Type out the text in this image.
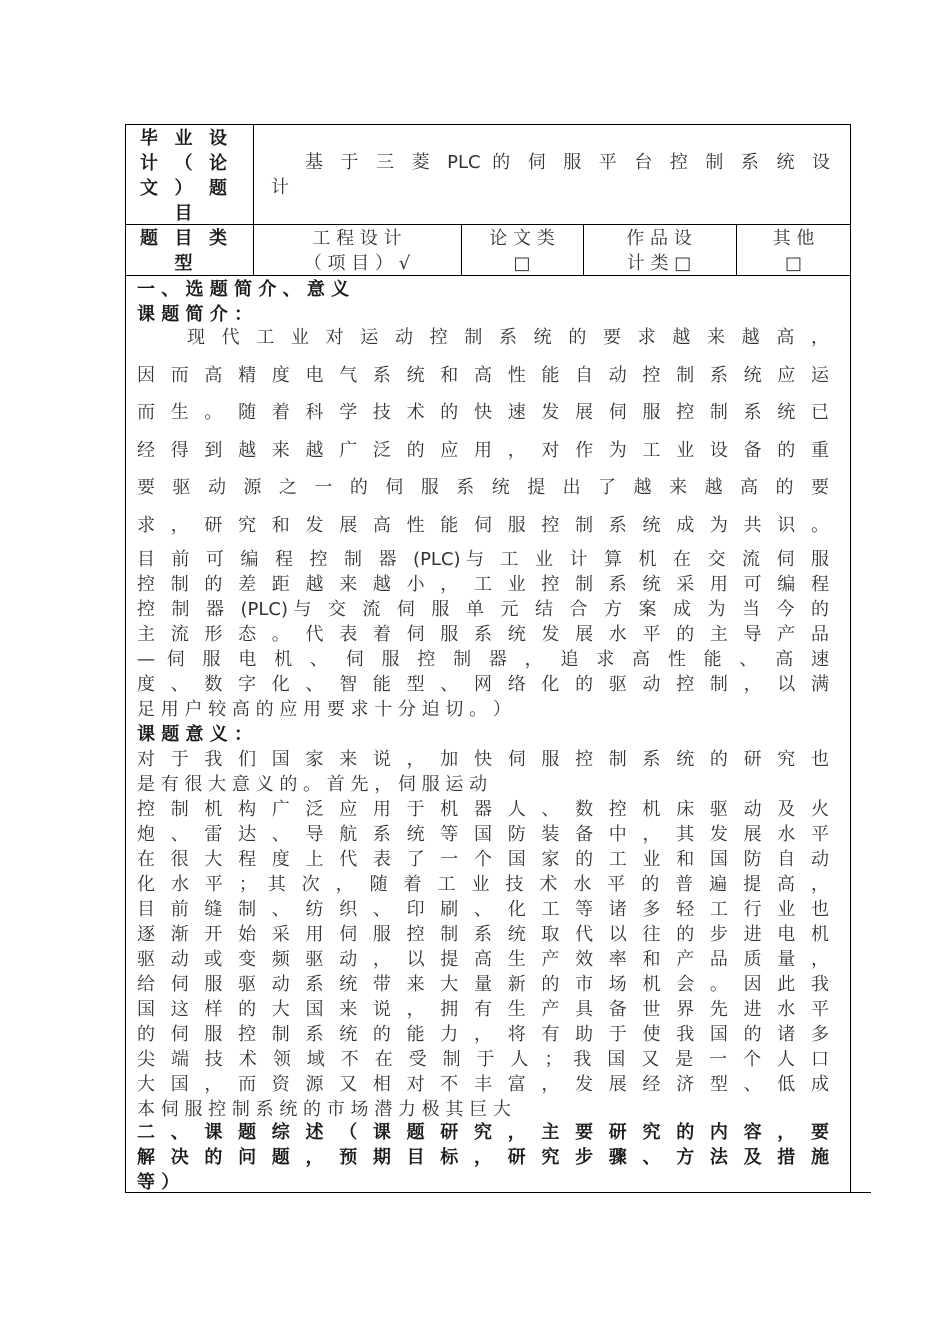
毕 业 设
计 （ 论
文 ） 题
目
基 于 三 菱 PLC 的 伺 服 平 台 控 制 系 统 设
计
题 目 类
型
工 程 设 计
（ 项 目 ） √
论 文 类
□
作 品 设
计 类 □
其 他
□
一 、 选 题 简 介 、 意 义
课 题 简 介 ：
现 代 工 业 对 运 动 控 制 系 统 的 要 求 越 来 越 高 ，
因 而 高 精 度 电 气 系 统 和 高 性 能 自 动 控 制 系 统 应 运
而 生 。 随 着 科 学 技 术 的 快 速 发 展 伺 服 控 制 系 统 已
经 得 到 越 来 越 广 泛 的 应 用 ， 对 作 为 工 业 设 备 的 重
要 驱 动 源 之 一 的 伺 服 系 统 提 出 了 越 来 越 高 的 要
求 ， 研 究 和 发 展 高 性 能 伺 服 控 制 系 统 成 为 共 识 。
目 前 可 编 程 控 制 器 (PLC)与 工 业 计 算 机 在 交 流 伺 服
控 制 的 差 距 越 来 越 小 ， 工 业 控 制 系 统 采 用 可 编 程
控 制 器 (PLC)与 交 流 伺 服 单 元 结 合 方 案 成 为 当 今 的
主 流 形 态 。 代 表 着 伺 服 系 统 发 展 水 平 的 主 导 产 品
— 伺 服 电 机 、 伺 服 控 制 器 ， 追 求 高 性 能 、 高 速
度 、 数 字 化 、 智 能 型 、 网 络 化 的 驱 动 控 制 ， 以 满
足 用 户 较 高 的 应 用 要 求 十 分 迫 切 。 ）
课 题 意 义 ：
对 于 我 们 国 家 来 说 ， 加 快 伺 服 控 制 系 统 的 研 究 也
是 有 很 大 意 义 的 。 首 先 ， 伺 服 运 动
控 制 机 构 广 泛 应 用 于 机 器 人 、 数 控 机 床 驱 动 及 火
炮 、 雷 达 、 导 航 系 统 等 国 防 装 备 中 ， 其 发 展 水 平
在 很 大 程 度 上 代 表 了 一 个 国 家 的 工 业 和 国 防 自 动
化 水 平 ； 其 次 ， 随 着 工 业 技 术 水 平 的 普 遍 提 高 ，
目 前 缝 制 、 纺 织 、 印 刷 、 化 工 等 诸 多 轻 工 行 业 也
逐 渐 开 始 采 用 伺 服 控 制 系 统 取 代 以 往 的 步 进 电 机
驱 动 或 变 频 驱 动 ， 以 提 高 生 产 效 率 和 产 品 质 量 ，
给 伺 服 驱 动 系 统 带 来 大 量 新 的 市 场 机 会 。 因 此 我
国 这 样 的 大 国 来 说 ， 拥 有 生 产 具 备 世 界 先 进 水 平
的 伺 服 控 制 系 统 的 能 力 ， 将 有 助 于 使 我 国 的 诸 多
尖 端 技 术 领 域 不 在 受 制 于 人 ； 我 国 又 是 一 个 人 口
大 国 ， 而 资 源 又 相 对 不 丰 富 ， 发 展 经 济 型 、 低 成
本 伺 服 控 制 系 统 的 市 场 潜 力 极 其 巨 大
二 、 课 题 综 述 （ 课 题 研 究 ， 主 要 研 究 的 内 容 ， 要
解 决 的 问 题 ， 预 期 目 标 ， 研 究 步 骤 、 方 法 及 措 施
等 ）
